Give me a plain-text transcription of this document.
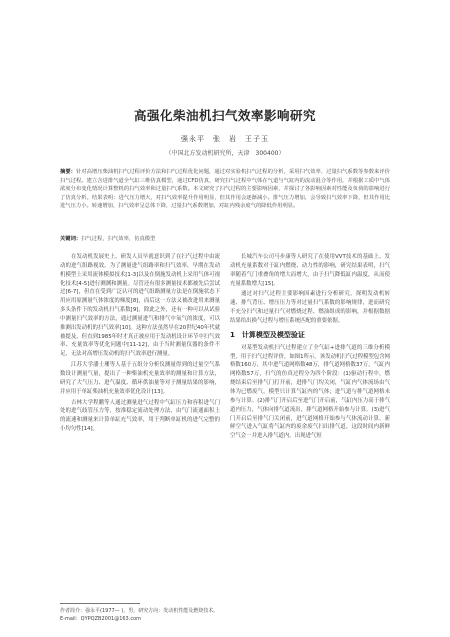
高强化柴油机扫气效率影响研究
强永平　张　岩　王子玉
（中国北方发动机研究所，天津　300400）
摘要：针对高增压柴油机扫气过程评价方法和扫气过程优化问题，通过对实验机扫气过程的分析，采用扫气效率、过量扫气系数等参数来评价扫气过程。建立含进排气道全气缸三维仿真模型，通过CFD仿真，研究扫气过程中气体在气道与气缸内的流动混合等作用，并根据工质中气体浓度分布变化情况计算整机的扫气效率和过量扫气系数。本文研究了扫气过程的主要影响因素，并探讨了各影响因素对性能及负荷的影响进行了仿真分析。结果表明：进气压力增大，对扫气效率提升作用明显，但其作用会逐渐减小。排气压力增加，会导致扫气效率下降，但其作用比进气压力小。转速增加，扫气效率呈总体下降，过量扫气系数增加，对缸内残余废气的降低作用明显。
关键词：扫气过程，扫气效率，仿真模型

在发动机发展史上，研发人员早就意识到了在扫气过程中由流动的进气组路视效，为了测量进气组路率和扫气效率，早期在发动机模型上采用流体模拟技术[1-3]以及在倒施发动机上采用气体可视化技术[4-5]进行测测和测量。尽管还有很多测量技术都被先后尝试过[6-7]，但直在受到广泛认可的进气组路测量方法是在倒施状态下用应用原测量气体浓度的梯度[8]，而后这一方法又被改进用来测量多头条件下的发动机扫气系数[9]，除此之外，还有一种可以从试验中测量扫气效率的方法，通过测量进气和排气中氧气的浓度，可以推测出发动机的扫气效率[10]。这种方法虽然早在20世纪40年代就被提及，但直到1985年时才真正被应用于发动机设计环节中扫气效率、充量效率等优化问题中[11-12]，由于当时测量仪器的条件不足，无法对高增压发动机的扫气效率进行测量。

江苏大学潘士珊等人基于五组分分析仪测量得到的过量空气系数设计测量气量，提出了一种柴油机充量效率的测量和计算方法，研究了大气压力、进气温度、循环供油量等对于测量结果的影响，并应用于单缸柴油机充量效率优化设计[13]。

吉林大学程鹏等人通过测量进气过程中气缸压力和容积进气门处的进气歧管压力等，按准稳定流动处理方法，由气门流通面积上的流速和测量来计算单缸充气效率，用于判断单缸机的进气完整的小均匀性[14]。

长城汽车公司马步康等人研究了在使用VVT技术的基础上，发动机充量系数对于缸内燃烧、动力性的影响，研究结果表明，扫气率随着气门重叠角的增大而增大，由于扫气降低缸内温度，从而使充量系数增大[15]。

通过对扫气过程主要影响因素进行分析研究，探明发动机转速、排气背压、增压压力等对过量扫气系数的影响规律，进而研究不充分扫气和过量扫气对燃烧过程、燃油组成的影响，并根据数据结果给出换气过程与增压系统匹配的重要依据。

1　计算模型及模型验证

对某型发动机扫气过程建立了全气缸+进排气道的三维分析模型，用于扫气过程评价，如图1所示。该发动机扫气过程模型包含网格数160万，其中进气道网格数48万，排气道网格数37万，气缸内网格数57万，扫气的仿真过程分为四个阶段：(1)驱动行程中，燃烧结束后至排气门打开前，进排气门均关闭，气缸内气体流场由气体为已燃废气，模型只计算气缸内的气体；进气道与排气道网格未参与计算。(2)排气门开启后至进气门开启前，气缸内压力高于排气道内压力，气体向排气道流出，排气道网格开始参与计算。(3)进气门开启后至排气门关闭前，进气道网格开始参与气体流动计算，新鲜空气进入气缸将气缸内的废余废气扫出排气道，这段时间内新鲜空气会一并进入排气道内，出现进气短

作者简介：强永平(1977— )，男，研究方向：发动机性能及燃烧技术。
E-mail：QYPQZB2001@163.com
